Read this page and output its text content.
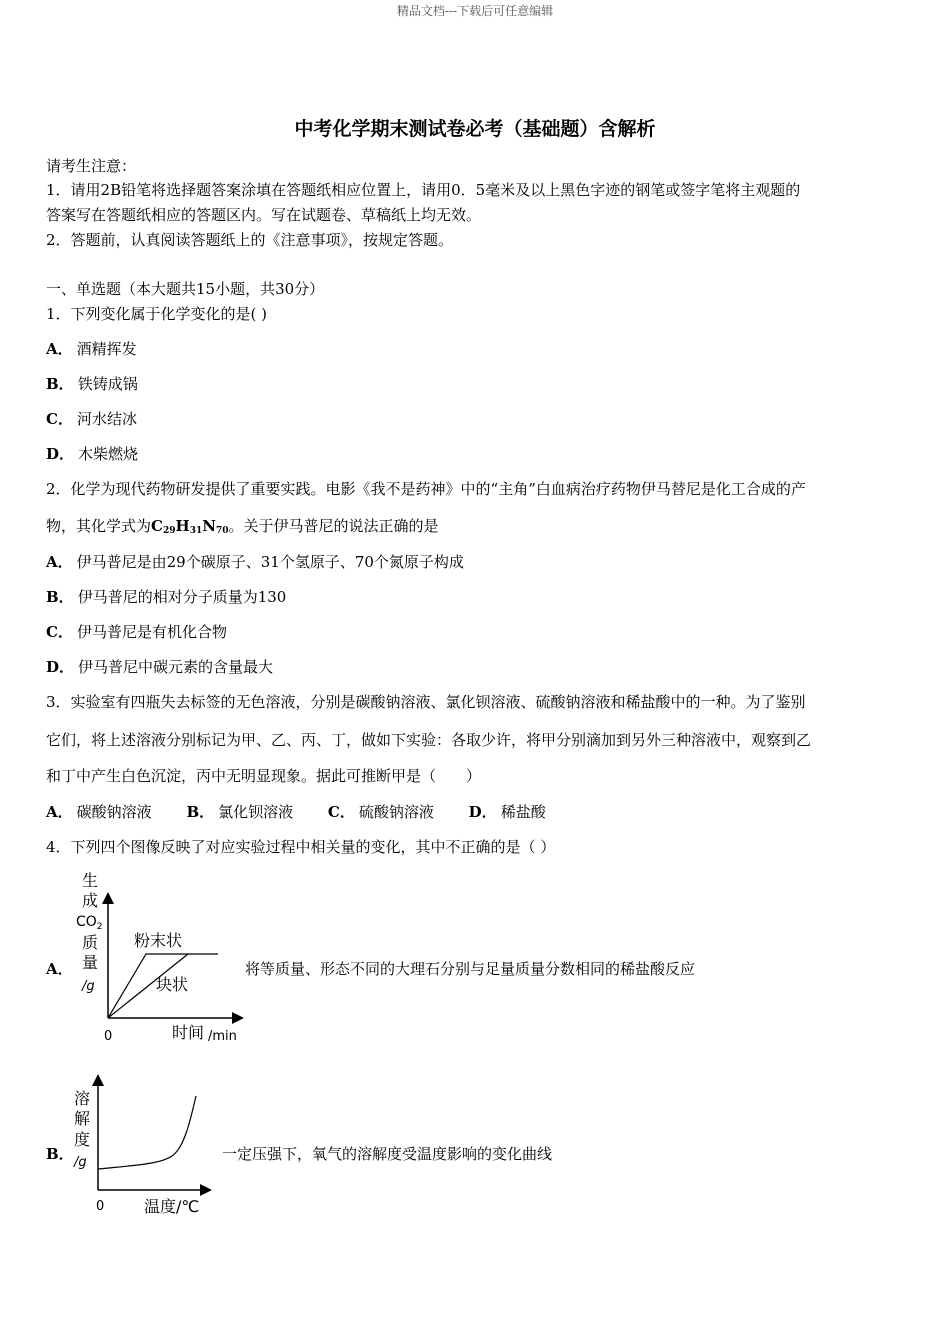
精品文档---下载后可任意编辑
中考化学期末测试卷必考（基础题）含解析
请考生注意：
1．请用2B铅笔将选择题答案涂填在答题纸相应位置上，请用0．5毫米及以上黑色字迹的钢笔或签字笔将主观题的
答案写在答题纸相应的答题区内。写在试题卷、草稿纸上均无效。
2．答题前，认真阅读答题纸上的《注意事项》，按规定答题。
一、单选题（本大题共15小题，共30分）
1．下列变化属于化学变化的是( )
A． 酒精挥发
B． 铁铸成锅
C． 河水结冰
D． 木柴燃烧
2．化学为现代药物研发提供了重要实践。电影《我不是药神》中的“主角”白血病治疗药物伊马替尼是化工合成的产
物，其化学式为$C_{29}H_{31}N_{70}$。关于伊马普尼的说法正确的是
A． 伊马普尼是由29个碳原子、31个氢原子、70个氮原子构成
B． 伊马普尼的相对分子质量为130
C． 伊马普尼是有机化合物
D． 伊马普尼中碳元素的含量最大
3．实验室有四瓶失去标签的无色溶液，分别是碳酸钠溶液、氯化钡溶液、硫酸钠溶液和稀盐酸中的一种。为了鉴别
它们，将上述溶液分别标记为甲、乙、丙、丁，做如下实验：各取少许，将甲分别滴加到另外三种溶液中，观察到乙
和丁中产生白色沉淀，丙中无明显现象。据此可推断甲是（　　）
A． 碳酸钠溶液 B． 氯化钡溶液 C． 硫酸钠溶液 D． 稀盐酸
4．下列四个图像反映了对应实验过程中相关量的变化，其中不正确的是（ ）
A．
生
成
$CO_2$
质
量
/g
0	时间 /min
粉末状
块状
将等质量、形态不同的大理石分别与足量质量分数相同的稀盐酸反应
B．
溶
解
度
/g
0 温度/℃
一定压强下，氧气的溶解度受温度影响的变化曲线
